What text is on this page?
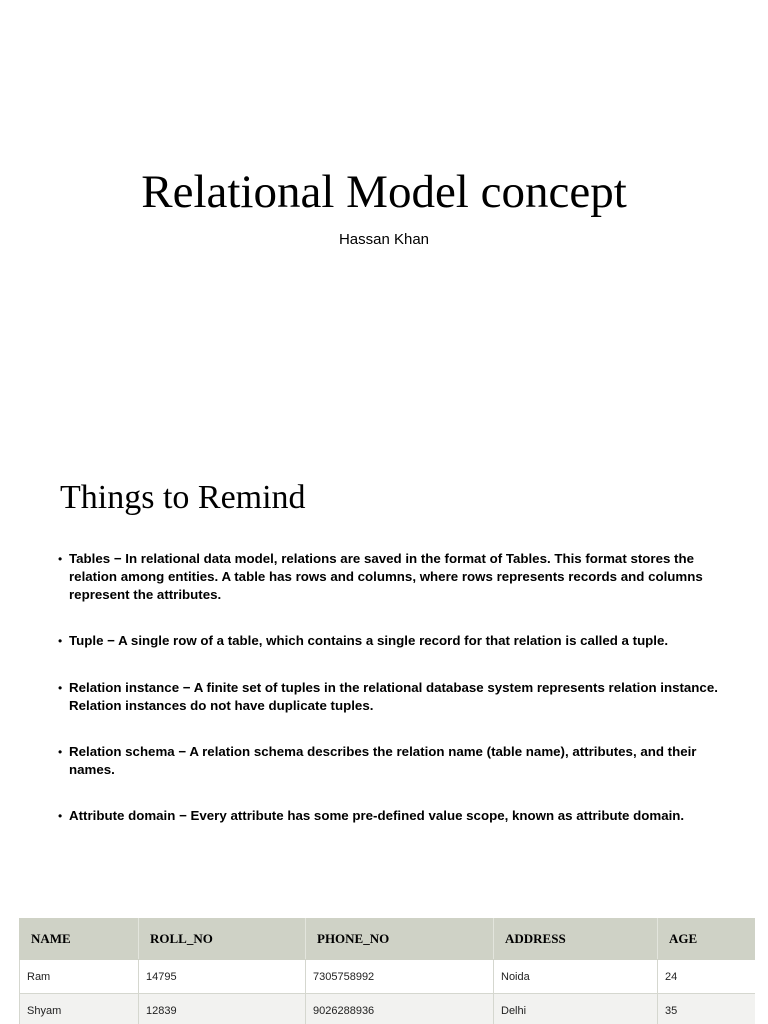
Relational Model concept
Hassan Khan
Things to Remind
• Tables − In relational data model, relations are saved in the format of Tables. This format stores the relation among entities. A table has rows and columns, where rows represents records and columns represent the attributes.
• Tuple − A single row of a table, which contains a single record for that relation is called a tuple.
• Relation instance − A finite set of tuples in the relational database system represents relation instance. Relation instances do not have duplicate tuples.
• Relation schema − A relation schema describes the relation name (table name), attributes, and their names.
• Attribute domain − Every attribute has some pre-defined value scope, known as attribute domain.
NAME	ROLL_NO	PHONE_NO	ADDRESS	AGE
Ram	14795	7305758992	Noida	24
Shyam	12839	9026288936	Delhi	35
